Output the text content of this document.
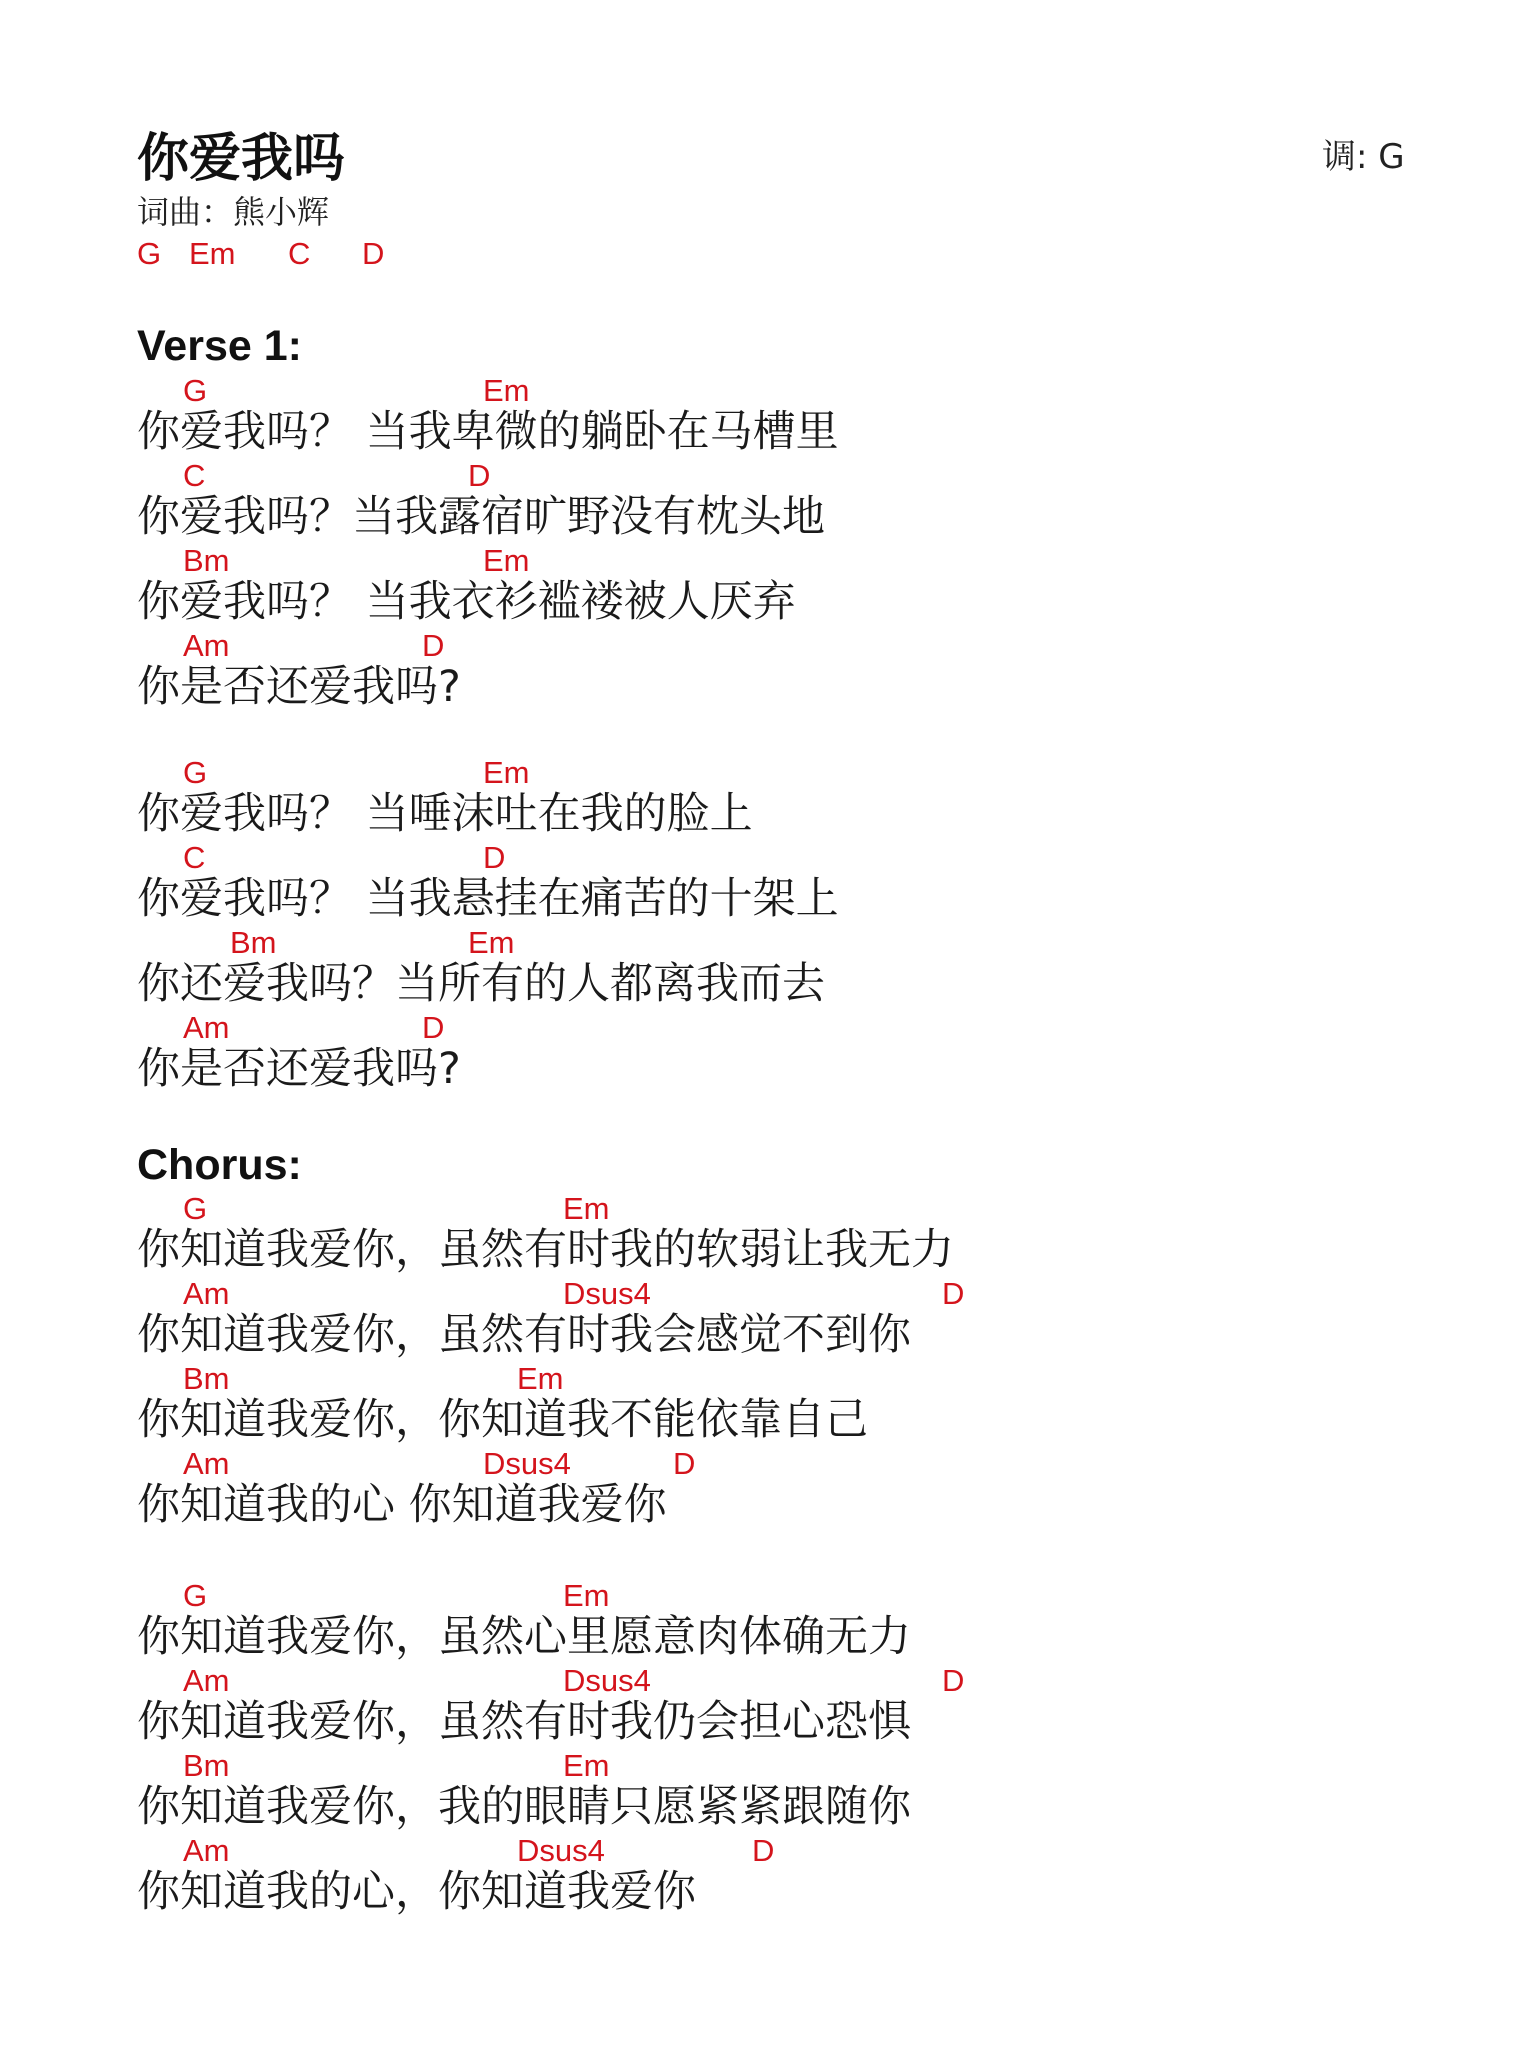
你爱我吗
词曲：熊小辉
调: G
G Em C D
Verse 1:
G	Em
你爱我吗？ 当我卑微的躺卧在马槽里
C	D
你爱我吗？当我露宿旷野没有枕头地
Bm	Em
你爱我吗？ 当我衣衫褴褛被人厌弃
Am	D
你是否还爱我吗?
G	Em
你爱我吗？ 当唾沫吐在我的脸上
C	D
你爱我吗？ 当我悬挂在痛苦的十架上
Bm	Em
你还爱我吗？当所有的人都离我而去
Am	D
你是否还爱我吗?
Chorus:
G	Em
你知道我爱你，虽然有时我的软弱让我无力
Am	Dsus4	D
你知道我爱你，虽然有时我会感觉不到你
Bm	Em
你知道我爱你，你知道我不能依靠自己
Am	Dsus4	D
你知道我的心 你知道我爱你
G	Em
你知道我爱你，虽然心里愿意肉体确无力
Am	Dsus4	D
你知道我爱你，虽然有时我仍会担心恐惧
Bm	Em
你知道我爱你，我的眼睛只愿紧紧跟随你
Am	Dsus4	D
你知道我的心，你知道我爱你
